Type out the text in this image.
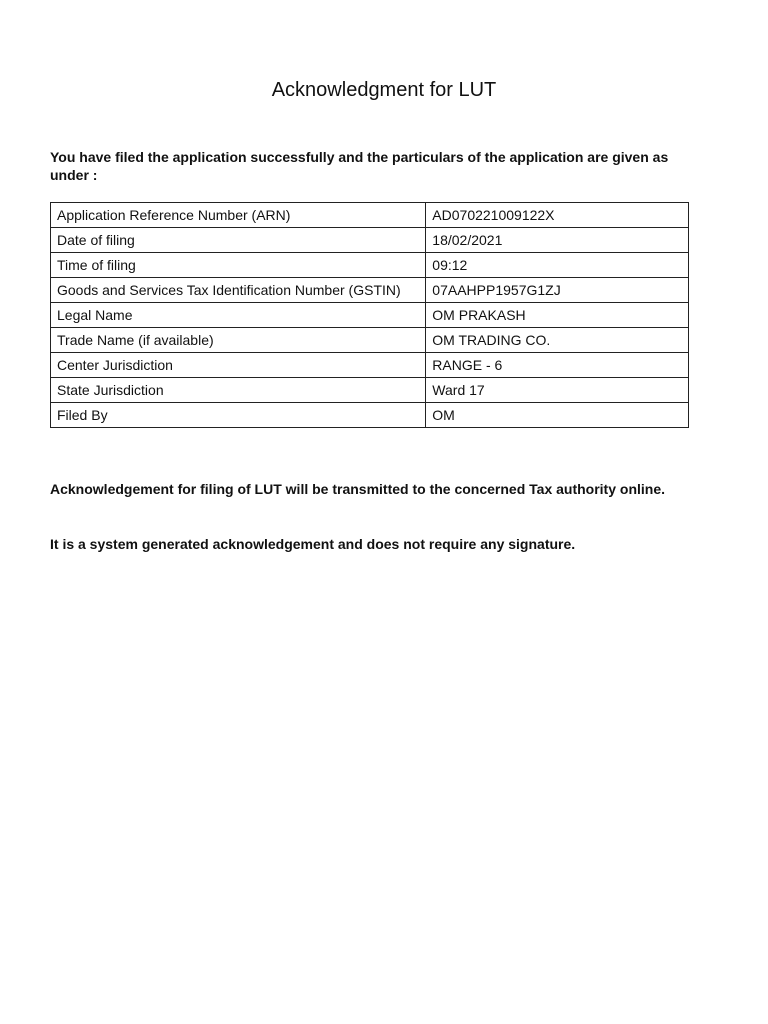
Acknowledgment for LUT

You have filed the application successfully and the particulars of the application are given as under :

Application Reference Number (ARN)	AD070221009122X
Date of filing	18/02/2021
Time of filing	09:12
Goods and Services Tax Identification Number (GSTIN)	07AAHPP1957G1ZJ
Legal Name	OM PRAKASH
Trade Name (if available)	OM TRADING CO.
Center Jurisdiction	RANGE - 6
State Jurisdiction	Ward 17
Filed By	OM

Acknowledgement for filing of LUT will be transmitted to the concerned Tax authority online.

It is a system generated acknowledgement and does not require any signature.
